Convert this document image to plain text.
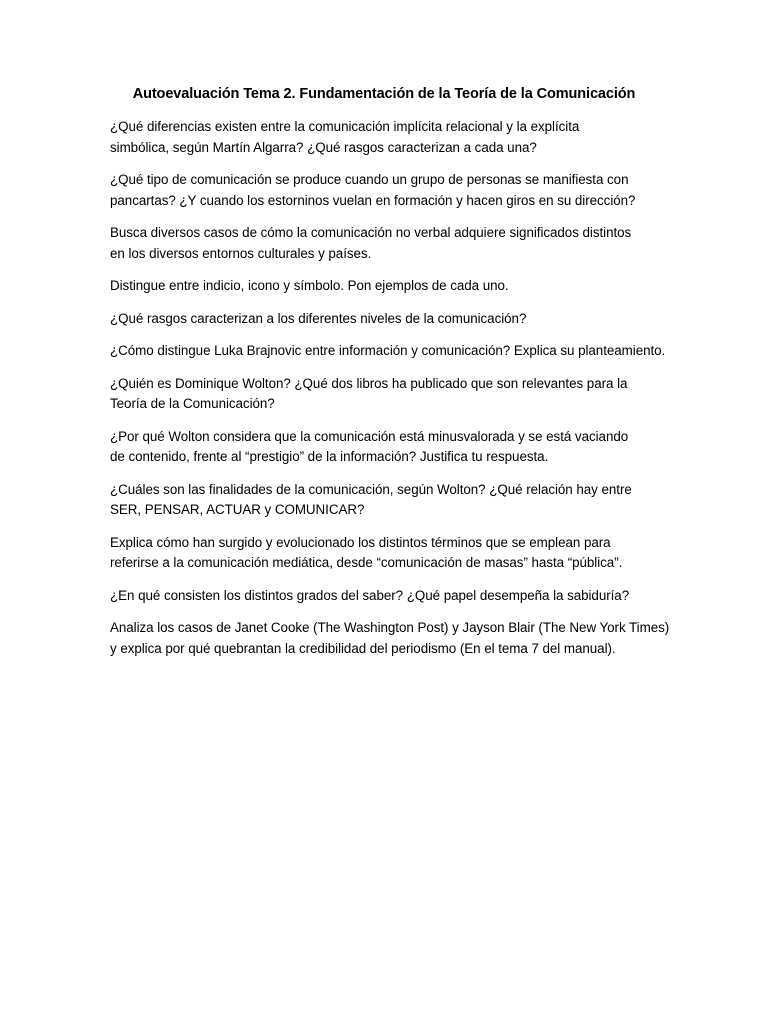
Autoevaluación Tema 2. Fundamentación de la Teoría de la Comunicación
¿Qué diferencias existen entre la comunicación implícita relacional y la explícita
simbólica, según Martín Algarra? ¿Qué rasgos caracterizan a cada una?
¿Qué tipo de comunicación se produce cuando un grupo de personas se manifiesta con
pancartas? ¿Y cuando los estorninos vuelan en formación y hacen giros en su dirección?
Busca diversos casos de cómo la comunicación no verbal adquiere significados distintos
en los diversos entornos culturales y países.
Distingue entre indicio, icono y símbolo. Pon ejemplos de cada uno.
¿Qué rasgos caracterizan a los diferentes niveles de la comunicación?
¿Cómo distingue Luka Brajnovic entre información y comunicación? Explica su planteamiento.
¿Quién es Dominique Wolton? ¿Qué dos libros ha publicado que son relevantes para la
Teoría de la Comunicación?
¿Por qué Wolton considera que la comunicación está minusvalorada y se está vaciando
de contenido, frente al “prestigio” de la información? Justifica tu respuesta.
¿Cuáles son las finalidades de la comunicación, según Wolton? ¿Qué relación hay entre
SER, PENSAR, ACTUAR y COMUNICAR?
Explica cómo han surgido y evolucionado los distintos términos que se emplean para
referirse a la comunicación mediática, desde “comunicación de masas” hasta “pública”.
¿En qué consisten los distintos grados del saber? ¿Qué papel desempeña la sabiduría?
Analiza los casos de Janet Cooke (The Washington Post) y Jayson Blair (The New York Times)
y explica por qué quebrantan la credibilidad del periodismo (En el tema 7 del manual).
